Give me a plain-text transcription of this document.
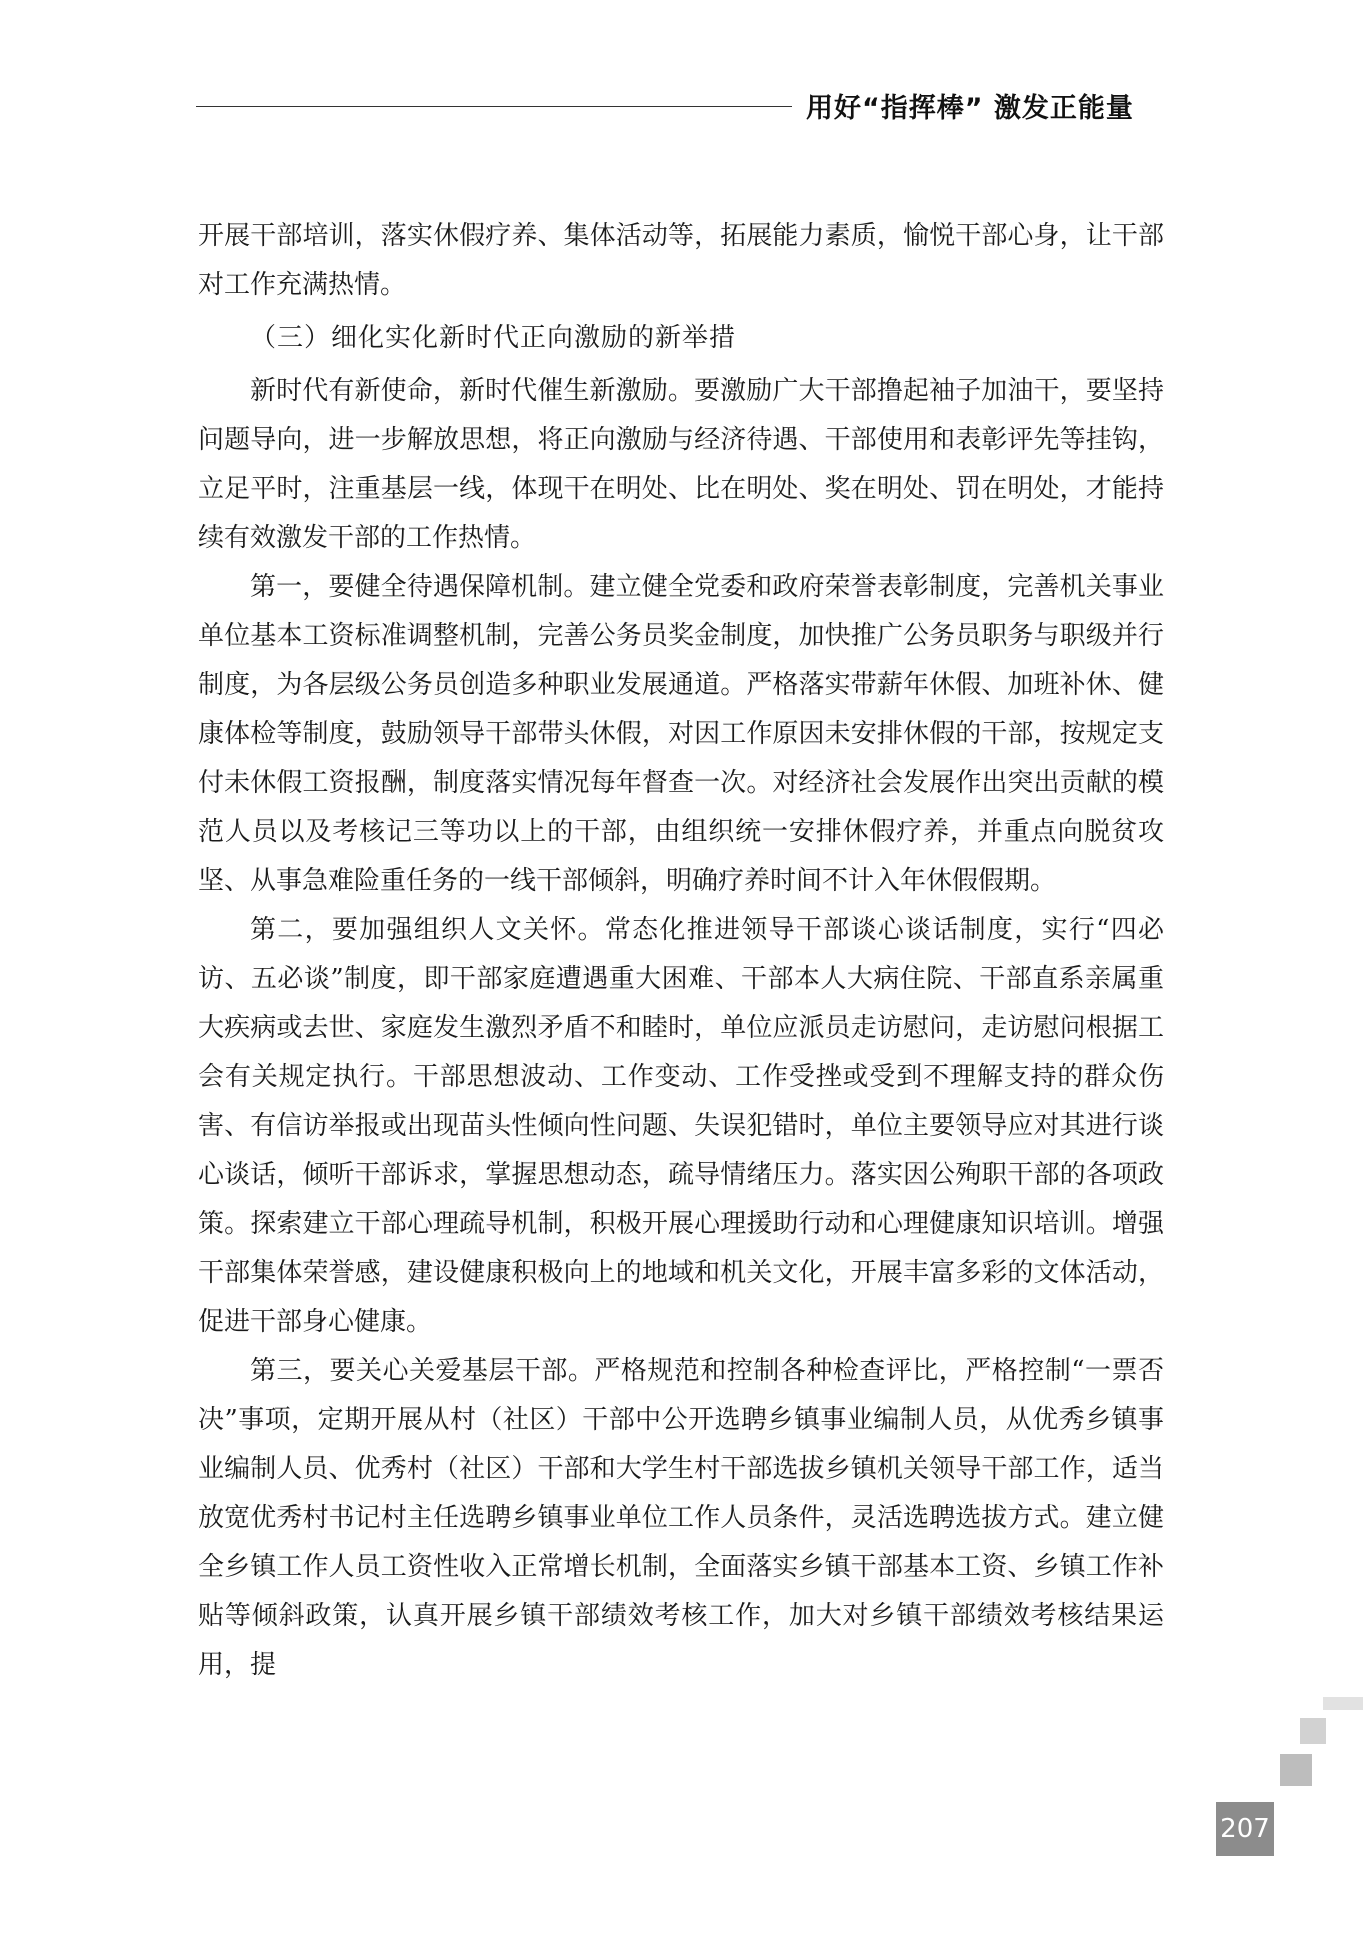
用好“指挥棒” 激发正能量

开展干部培训，落实休假疗养、集体活动等，拓展能力素质，愉悦干部心身，让干部对工作充满热情。

（三）细化实化新时代正向激励的新举措

新时代有新使命，新时代催生新激励。要激励广大干部撸起袖子加油干，要坚持问题导向，进一步解放思想，将正向激励与经济待遇、干部使用和表彰评先等挂钩，立足平时，注重基层一线，体现干在明处、比在明处、奖在明处、罚在明处，才能持续有效激发干部的工作热情。

第一，要健全待遇保障机制。建立健全党委和政府荣誉表彰制度，完善机关事业单位基本工资标准调整机制，完善公务员奖金制度，加快推广公务员职务与职级并行制度，为各层级公务员创造多种职业发展通道。严格落实带薪年休假、加班补休、健康体检等制度，鼓励领导干部带头休假，对因工作原因未安排休假的干部，按规定支付未休假工资报酬，制度落实情况每年督查一次。对经济社会发展作出突出贡献的模范人员以及考核记三等功以上的干部，由组织统一安排休假疗养，并重点向脱贫攻坚、从事急难险重任务的一线干部倾斜，明确疗养时间不计入年休假假期。

第二，要加强组织人文关怀。常态化推进领导干部谈心谈话制度，实行“四必访、五必谈”制度，即干部家庭遭遇重大困难、干部本人大病住院、干部直系亲属重大疾病或去世、家庭发生激烈矛盾不和睦时，单位应派员走访慰问，走访慰问根据工会有关规定执行。干部思想波动、工作变动、工作受挫或受到不理解支持的群众伤害、有信访举报或出现苗头性倾向性问题、失误犯错时，单位主要领导应对其进行谈心谈话，倾听干部诉求，掌握思想动态，疏导情绪压力。落实因公殉职干部的各项政策。探索建立干部心理疏导机制，积极开展心理援助行动和心理健康知识培训。增强干部集体荣誉感，建设健康积极向上的地域和机关文化，开展丰富多彩的文体活动，促进干部身心健康。

第三，要关心关爱基层干部。严格规范和控制各种检查评比，严格控制“一票否决”事项，定期开展从村（社区）干部中公开选聘乡镇事业编制人员，从优秀乡镇事业编制人员、优秀村（社区）干部和大学生村干部选拔乡镇机关领导干部工作，适当放宽优秀村书记村主任选聘乡镇事业单位工作人员条件，灵活选聘选拔方式。建立健全乡镇工作人员工资性收入正常增长机制，全面落实乡镇干部基本工资、乡镇工作补贴等倾斜政策，认真开展乡镇干部绩效考核工作，加大对乡镇干部绩效考核结果运用，提

207
